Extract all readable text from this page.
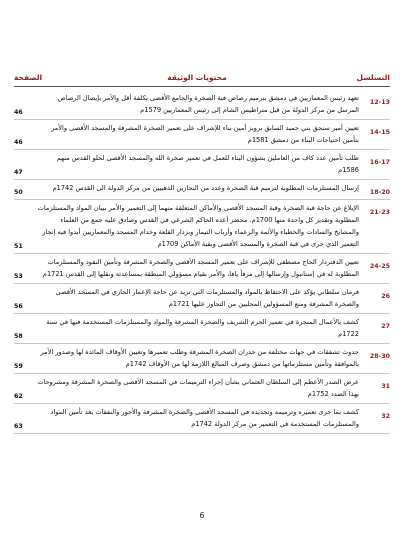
التسلسل
محتويات الوثيقة
الصفحة
12-13
تعهد رئيس المعماريين في دمشق بترميم رصاص قبة الصخرة والجامع الأقصى بكلفة أقل والأمر بإيصال الرصاص المرسل من مركز الدولة من قبل متراطيس الشام إلى رئيس المعماريين 1579م
46
14-15
تعيين أمير سنجق بني حميد السابق برويز أمين بناء للإشراف على تعمير الصخرة المشرفة والمسجد الأقصى والأمر بتأمين احتياجات البناء من دمشق 1581م
46
16-17
طلب تأمين عدد كاف من العاملين بشؤون البناء للعمل في تعمير صخرة الله والمسجد الأقصى لحلو القدس منهم 1586م
47
18-20
إرسال المستلزمات المطلوبة لترميم قبة الصخرة وعدد من النجارين الذهبيين من مركز الدولة الى القدس 1742م
50
21-23
الإبلاغ عن حاجة قبة الصخرة وقبة المسجد الأقصى والأماكن المتعلقة منهما إلى التعمير والأمر ببيان المواد والمستلزمات المطلوبة وتقدير كل واحدة منها 1700م. محضر أعده الحاكم الشرعي في القدس وصادق عليه جمع من العلماء والمشايخ والسادات والخطباء والأئمة والزعماء وأرباب التيمار وبزدار القلعة وخدام المسجد والمعماريين أيدوا فيه إنجاز التعمير الذي جرى في قبة الصخرة والمسجد الأقصى وبقية الأماكن 1709م
51
24-25
تعيين الدفتردار الحاج مصطفى للإشراف على تعمير المسجد الأقصى والصخرة المشرفة وتأمين النقود والمستلزمات المطلوبة له في إستانبول وإرسالها إلى مرفأ يافا، والأمر بقيام مسؤولي المنطقة بمساعدته ونقلها إلى القدس 1721م
53
26
فرمان سلطاني يؤكد على الاحتفاظ بالمواد والمستلزمات التي تزيد عن حاجة الإعمار الجاري في المسجد الأقصى والصخرة المشرفة ومنع المسؤولين المحليين من التجاوز عليها 1721م
56
27
كشف بالأعمال المنجزة في تعمير الحرم الشريف والصخرة المشرفة والمواد والمستلزمات المستخدمة فيها في سنة 1722م
58
28-30
حدوث تشققات في جهات مختلفة من جدران الصخرة المشرفة وطلب تعميرها وتعيين الأوقاف المائدة لها وصدور الأمر بالموافقة وتأمين مستلزماتها من دمشق وصرف المبالغ اللازمة لها من الأوقاف 1742م
59
31
عرض الصدر الأعظم إلى السلطان العثماني بشأن إجراء الترميمات في المسجد الأقصى والصخرة المشرفة ومشروحات بهذا الصدد 1752م
62
32
كشف بما جرى تعميره وترميمه وتجديده في المسجد الأقصى والصخرة المشرفة والأجور والنفقات بعد تأمين المواد والمستلزمات المستخدمة في التعمير من مركز الدولة 1742م
63
6
